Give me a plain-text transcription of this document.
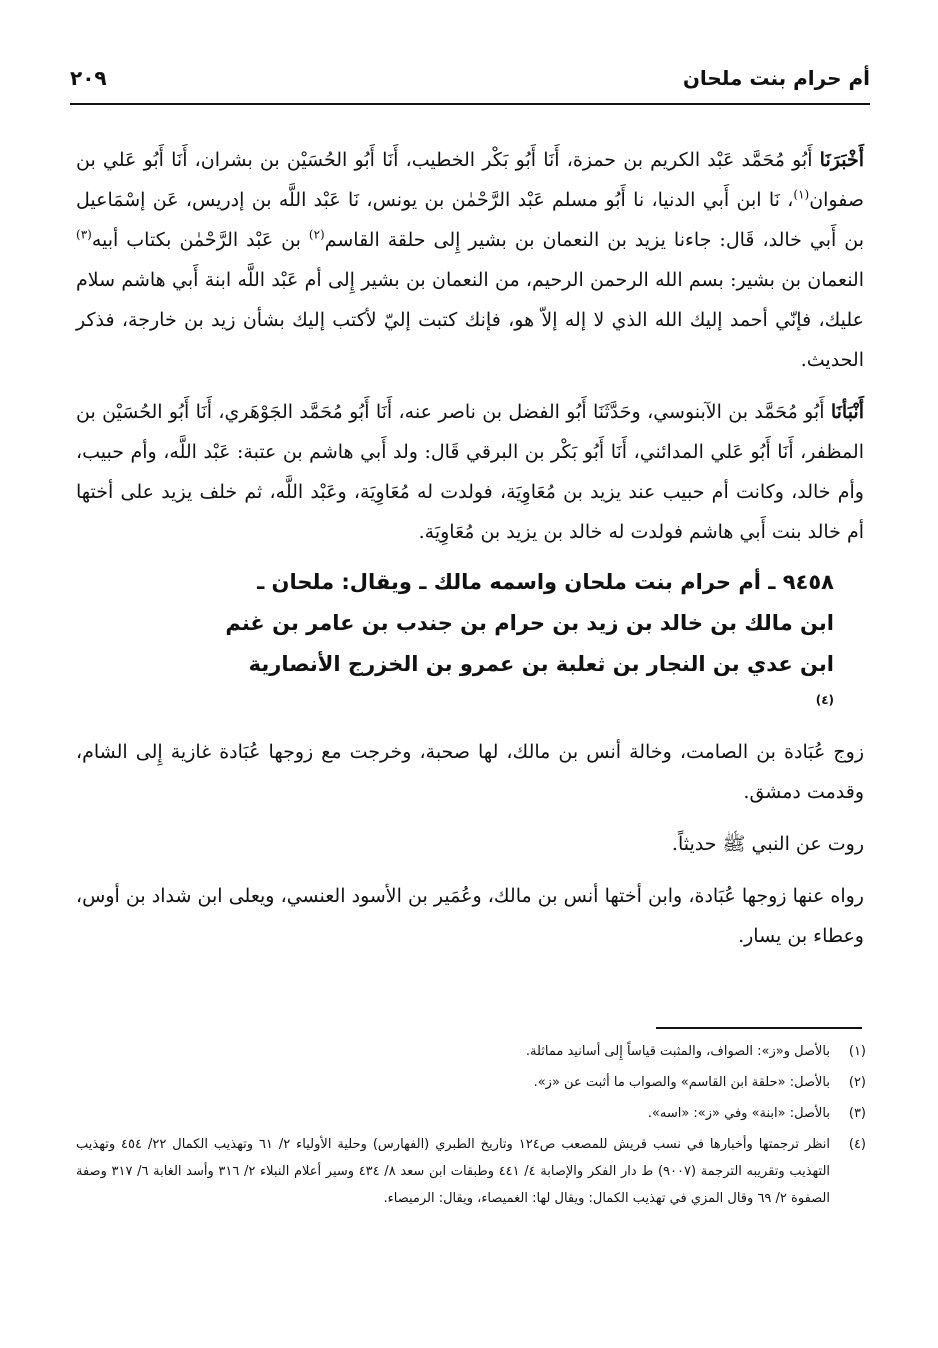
أم حرام بنت ملحان
٢٠٩

أَخْبَرَنَا أَبُو مُحَمَّد عَبْد الكريم بن حمزة، أَنَا أَبُو بَكْر الخطيب، أَنَا أَبُو الحُسَيْن بن بشران، أَنَا أَبُو عَلي بن صفوان$^{(١)}$، نَا ابن أَبي الدنيا، نا أَبُو مسلم عَبْد الرَّحْمٰن بن يونس، نَا عَبْد اللَّه بن إدريس، عَن إسْمَاعيل بن أَبي خالد، قَال: جاءنا يزيد بن النعمان بن بشير إِلى حلقة القاسم$^{(٢)}$ بن عَبْد الرَّحْمٰن بكتاب أبيه$^{(٣)}$ النعمان بن بشير: بسم الله الرحمن الرحيم، من النعمان بن بشير إِلى أم عَبْد اللَّه ابنة أَبي هاشم سلام عليك، فإنّي أحمد إليك الله الذي لا إله إلاّ هو، فإنك كتبت إليّ لأكتب إليك بشأن زيد بن خارجة، فذكر الحديث.

أَنْبَأنَا أَبُو مُحَمَّد بن الآبنوسي، وحَدَّثَنَا أَبُو الفضل بن ناصر عنه، أَنَا أَبُو مُحَمَّد الجَوْهَري، أَنَا أَبُو الحُسَيْن بن المظفر، أَنَا أَبُو عَلي المدائني، أَنَا أَبُو بَكْر بن البرقي قَال: ولد أَبي هاشم بن عتبة: عَبْد اللَّه، وأم حبيب، وأم خالد، وكانت أم حبيب عند يزيد بن مُعَاوِيَة، فولدت له مُعَاوِيَة، وعَبْد اللَّه، ثم خلف يزيد على أختها أم خالد بنت أَبي هاشم فولدت له خالد بن يزيد بن مُعَاوِيَة.

٩٤٥٨ ـ أم حرام بنت ملحان واسمه مالك ـ ويقال: ملحان ـ
ابن مالك بن خالد بن زيد بن حرام بن جندب بن عامر بن غنم
ابن عدي بن النجار بن ثعلبة بن عمرو بن الخزرج الأنصارية
$^{(٤)}$

زوج عُبَادة بن الصامت، وخالة أنس بن مالك، لها صحبة، وخرجت مع زوجها عُبَادة غازية إِلى الشام، وقدمت دمشق.

روت عن النبي ﷺ حديثاً.

رواه عنها زوجها عُبَادة، وابن أختها أنس بن مالك، وعُمَير بن الأسود العنسي، ويعلى ابن شداد بن أوس، وعطاء بن يسار.

(١)
بالأصل و«ز»: الصواف، والمثبت قياساً إِلى أسانيد مماثلة.
(٢)
بالأصل: «حلقة ابن القاسم» والصواب ما أثبت عن «ز».
(٣)
بالأصل: «ابنة» وفي «ز»: «اسه».
(٤)
انظر ترجمتها وأخبارها في نسب قريش للمصعب ص١٢٤ وتاريخ الطبري (الفهارس) وحلية الأولياء ٢/ ٦١ وتهذيب الكمال ٢٢/ ٤٥٤ وتهذيب التهذيب وتقريبه الترجمة (٩٠٠٧) ط دار الفكر والإصابة ٤/ ٤٤١ وطبقات ابن سعد ٨/ ٤٣٤ وسير أعلام النبلاء ٢/ ٣١٦ وأسد الغابة ٦/ ٣١٧ وصفة الصفوة ٢/ ٦٩ وقال المزي في تهذيب الكمال: ويقال لها: الغميصاء، ويقال: الرميصاء.
